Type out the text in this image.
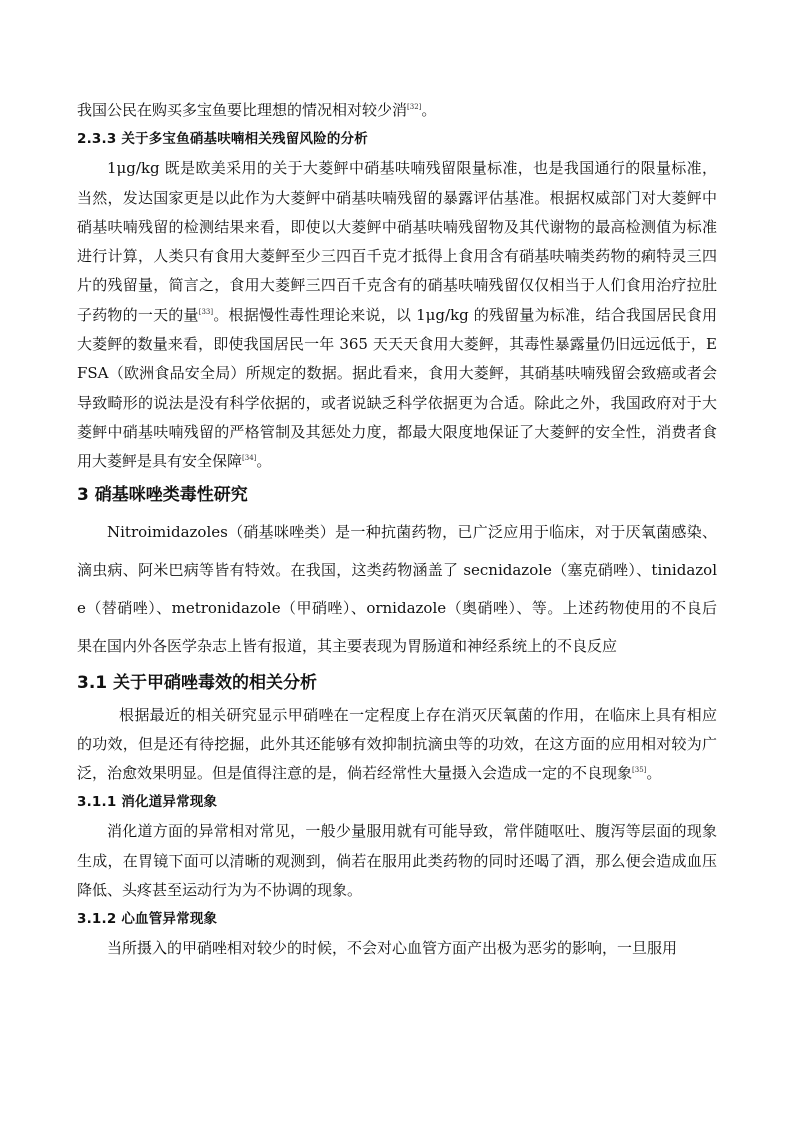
我国公民在购买多宝鱼要比理想的情况相对较少消[32]。

2.3.3 关于多宝鱼硝基呋喃相关残留风险的分析

1μg/kg 既是欧美采用的关于大菱鲆中硝基呋喃残留限量标准，也是我国通行的限量标准，当然，发达国家更是以此作为大菱鲆中硝基呋喃残留的暴露评估基准。根据权威部门对大菱鲆中硝基呋喃残留的检测结果来看，即使以大菱鲆中硝基呋喃残留物及其代谢物的最高检测值为标准进行计算，人类只有食用大菱鲆至少三四百千克才抵得上食用含有硝基呋喃类药物的痢特灵三四片的残留量，简言之，食用大菱鲆三四百千克含有的硝基呋喃残留仅仅相当于人们食用治疗拉肚子药物的一天的量[33]。根据慢性毒性理论来说，以 1μg/kg 的残留量为标准，结合我国居民食用大菱鲆的数量来看，即使我国居民一年 365 天天天食用大菱鲆，其毒性暴露量仍旧远远低于，EFSA（欧洲食品安全局）所规定的数据。据此看来，食用大菱鲆，其硝基呋喃残留会致癌或者会导致畸形的说法是没有科学依据的，或者说缺乏科学依据更为合适。除此之外，我国政府对于大菱鲆中硝基呋喃残留的严格管制及其惩处力度，都最大限度地保证了大菱鲆的安全性，消费者食用大菱鲆是具有安全保障[34]。

3 硝基咪唑类毒性研究

Nitroimidazoles（硝基咪唑类）是一种抗菌药物，已广泛应用于临床，对于厌氧菌感染、滴虫病、阿米巴病等皆有特效。在我国，这类药物涵盖了 secnidazole（塞克硝唑）、tinidazole（替硝唑）、metronidazole（甲硝唑）、ornidazole（奥硝唑）、等。上述药物使用的不良后果在国内外各医学杂志上皆有报道，其主要表现为胃肠道和神经系统上的不良反应

3.1 关于甲硝唑毒效的相关分析

根据最近的相关研究显示甲硝唑在一定程度上存在消灭厌氧菌的作用，在临床上具有相应的功效，但是还有待挖掘，此外其还能够有效抑制抗滴虫等的功效，在这方面的应用相对较为广泛，治愈效果明显。但是值得注意的是，倘若经常性大量摄入会造成一定的不良现象[35]。

3.1.1 消化道异常现象

消化道方面的异常相对常见，一般少量服用就有可能导致，常伴随呕吐、腹泻等层面的现象生成，在胃镜下面可以清晰的观测到，倘若在服用此类药物的同时还喝了酒，那么便会造成血压降低、头疼甚至运动行为为不协调的现象。

3.1.2 心血管异常现象

当所摄入的甲硝唑相对较少的时候，不会对心血管方面产出极为恶劣的影响，一旦服用
